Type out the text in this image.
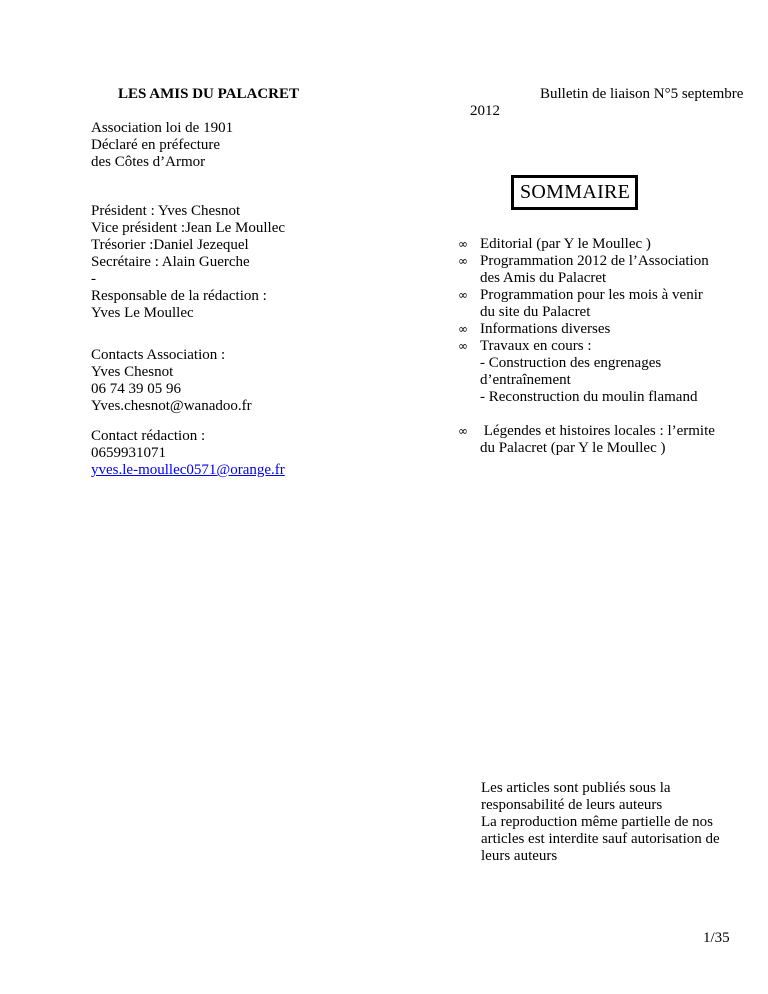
LES AMIS DU PALACRET	Bulletin de liaison N°5 septembre
2012
Association loi de 1901
Déclaré en préfecture
des Côtes d’Armor
Président : Yves Chesnot
Vice président :Jean Le Moullec
Trésorier :Daniel Jezequel
Secrétaire : Alain Guerche
-
Responsable de la rédaction :
Yves Le Moullec
Contacts Association :
Yves Chesnot
06 74 39 05 96
Yves.chesnot@wanadoo.fr
Contact rédaction :
0659931071
yves.le-moullec0571@orange.fr
SOMMAIRE
∞ Editorial (par Y le Moullec )
∞ Programmation 2012 de l’Association
des Amis du Palacret
∞ Programmation pour les mois à venir
du site du Palacret
∞ Informations diverses
∞ Travaux en cours :
- Construction des engrenages
d’entraînement
- Reconstruction du moulin flamand
∞ Légendes et histoires locales : l’ermite
du Palacret (par Y le Moullec )
Les articles sont publiés sous la
responsabilité de leurs auteurs
La reproduction même partielle de nos
articles est interdite sauf autorisation de
leurs auteurs
1/35
